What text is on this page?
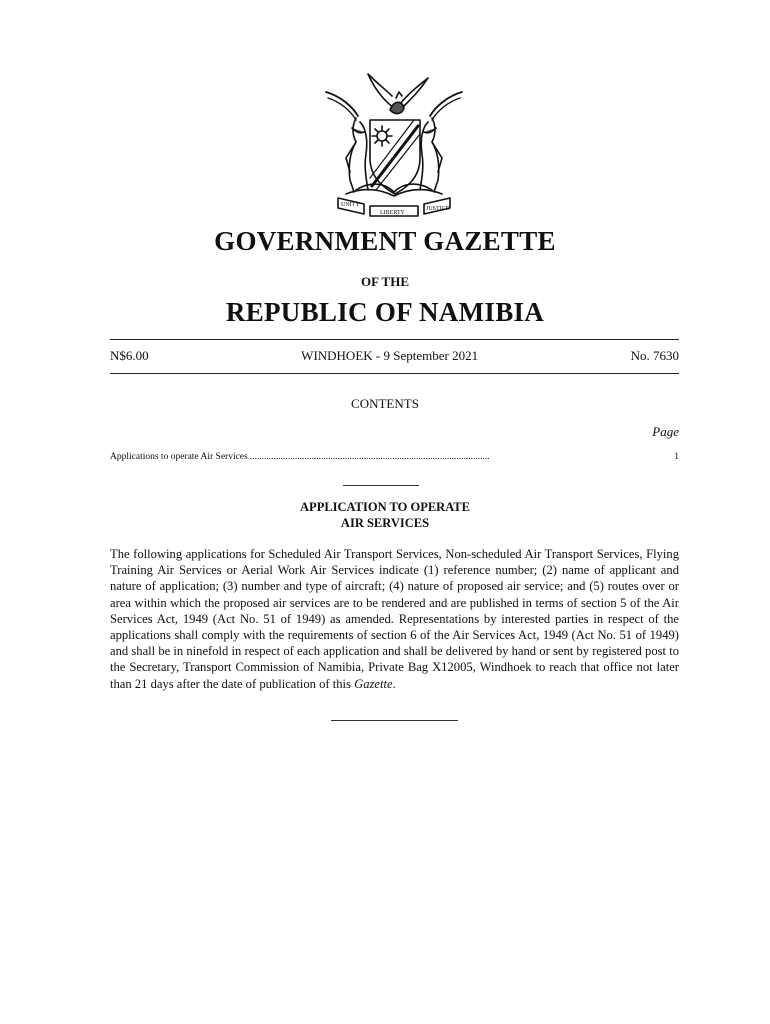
UNITY
LIBERTY
JUSTICE
GOVERNMENT GAZETTE
OF THE
REPUBLIC OF NAMIBIA
N$6.00	WINDHOEK - 9 September 2021	No. 7630
CONTENTS
Page
Applications to operate Air Services .....................................................................................................	1
APPLICATION TO OPERATE
AIR SERVICES
The following applications for Scheduled Air Transport Services, Non-scheduled Air Transport Services, Flying Training Air Services or Aerial Work Air Services indicate (1) reference number; (2) name of applicant and nature of application; (3) number and type of aircraft; (4) nature of proposed air service; and (5) routes over or area within which the proposed air services are to be rendered and are published in terms of section 5 of the Air Services Act, 1949 (Act No. 51 of 1949) as amended. Representations by interested parties in respect of the applications shall comply with the requirements of section 6 of the Air Services Act, 1949 (Act No. 51 of 1949) and shall be in ninefold in respect of each application and shall be delivered by hand or sent by registered post to the Secretary, Transport Commission of Namibia, Private Bag X12005, Windhoek to reach that office not later than 21 days after the date of publication of this Gazette.
